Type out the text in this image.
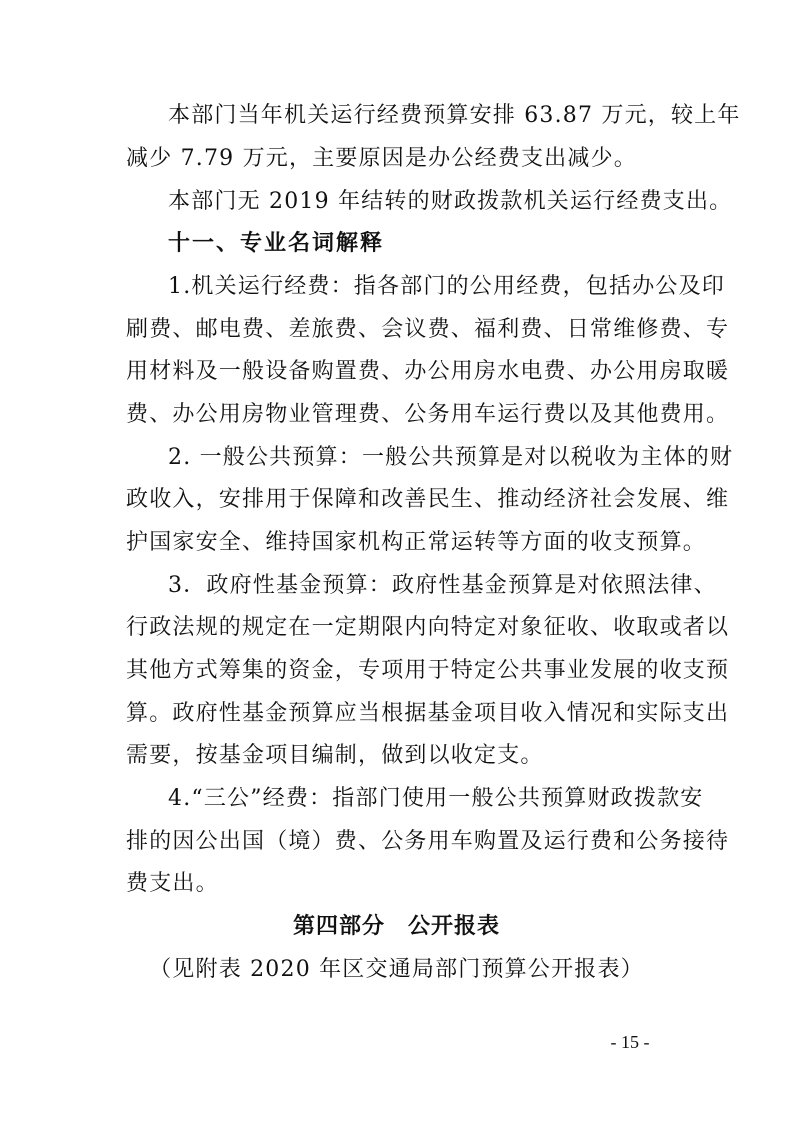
本部门当年机关运行经费预算安排 63.87 万元，较上年
减少 7.79 万元，主要原因是办公经费支出减少。
本部门无 2019 年结转的财政拨款机关运行经费支出。
十一、专业名词解释
1.机关运行经费：指各部门的公用经费，包括办公及印
刷费、邮电费、差旅费、会议费、福利费、日常维修费、专
用材料及一般设备购置费、办公用房水电费、办公用房取暖
费、办公用房物业管理费、公务用车运行费以及其他费用。
2. 一般公共预算：一般公共预算是对以税收为主体的财
政收入，安排用于保障和改善民生、推动经济社会发展、维
护国家安全、维持国家机构正常运转等方面的收支预算。
3．政府性基金预算：政府性基金预算是对依照法律、
行政法规的规定在一定期限内向特定对象征收、收取或者以
其他方式筹集的资金，专项用于特定公共事业发展的收支预
算。政府性基金预算应当根据基金项目收入情况和实际支出
需要，按基金项目编制，做到以收定支。
4.“三公”经费：指部门使用一般公共预算财政拨款安
排的因公出国（境）费、公务用车购置及运行费和公务接待
费支出。
第四部分　公开报表
（见附表 2020 年区交通局部门预算公开报表）
- 15 -
